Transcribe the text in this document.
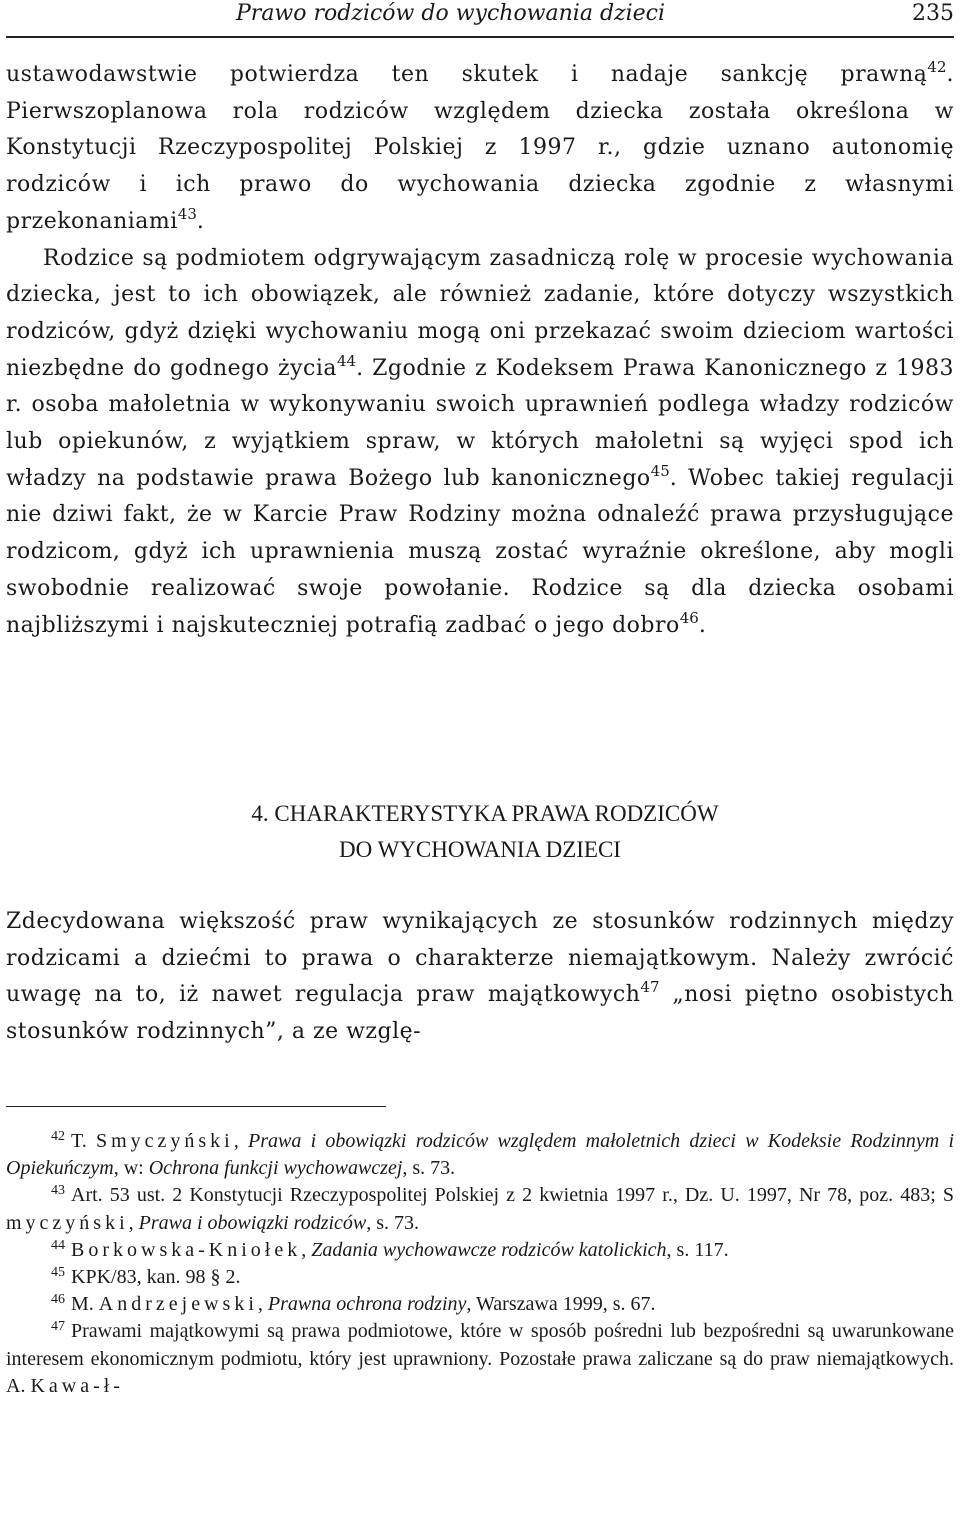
Prawo rodziców do wychowania dzieci	235

ustawodawstwie potwierdza ten skutek i nadaje sankcję prawną$^{42}$. Pierwszoplanowa rola rodziców względem dziecka została określona w Konstytucji Rzeczypospolitej Polskiej z 1997 r., gdzie uznano autonomię rodziców i ich prawo do wychowania dziecka zgodnie z własnymi przekonaniami$^{43}$.

Rodzice są podmiotem odgrywającym zasadniczą rolę w procesie wychowania dziecka, jest to ich obowiązek, ale również zadanie, które dotyczy wszystkich rodziców, gdyż dzięki wychowaniu mogą oni przekazać swoim dzieciom wartości niezbędne do godnego życia$^{44}$. Zgodnie z Kodeksem Prawa Kanonicznego z 1983 r. osoba małoletnia w wykonywaniu swoich uprawnień podlega władzy rodziców lub opiekunów, z wyjątkiem spraw, w których małoletni są wyjęci spod ich władzy na podstawie prawa Bożego lub kanonicznego$^{45}$. Wobec takiej regulacji nie dziwi fakt, że w Karcie Praw Rodziny można odnaleźć prawa przysługujące rodzicom, gdyż ich uprawnienia muszą zostać wyraźnie określone, aby mogli swobodnie realizować swoje powołanie. Rodzice są dla dziecka osobami najbliższymi i najskuteczniej potrafią zadbać o jego dobro$^{46}$.

4. CHARAKTERYSTYKA PRAWA RODZICÓW
DO WYCHOWANIA DZIECI

Zdecydowana większość praw wynikających ze stosunków rodzinnych między rodzicami a dziećmi to prawa o charakterze niemajątkowym. Należy zwrócić uwagę na to, iż nawet regulacja praw majątkowych$^{47}$ „nosi piętno osobistych stosunków rodzinnych”, a ze wzglę-

$^{42}$ T. Smyczyński, Prawa i obowiązki rodziców względem małoletnich dzieci w Kodeksie Rodzinnym i Opiekuńczym, w: Ochrona funkcji wychowawczej, s. 73.

$^{43}$ Art. 53 ust. 2 Konstytucji Rzeczypospolitej Polskiej z 2 kwietnia 1997 r., Dz. U. 1997, Nr 78, poz. 483; S myczyński, Prawa i obowiązki rodziców, s. 73.

$^{44}$ Borkowska-Kniołek, Zadania wychowawcze rodziców katolickich, s. 117.

$^{45}$ KPK/83, kan. 98 § 2.

$^{46}$ M. Andrzejewski, Prawna ochrona rodziny, Warszawa 1999, s. 67.

$^{47}$ Prawami majątkowymi są prawa podmiotowe, które w sposób pośredni lub bezpośredni są uwarunkowane interesem ekonomicznym podmiotu, który jest uprawniony. Pozostałe prawa zaliczane są do praw niemajątkowych. A. Kawa-ł-
